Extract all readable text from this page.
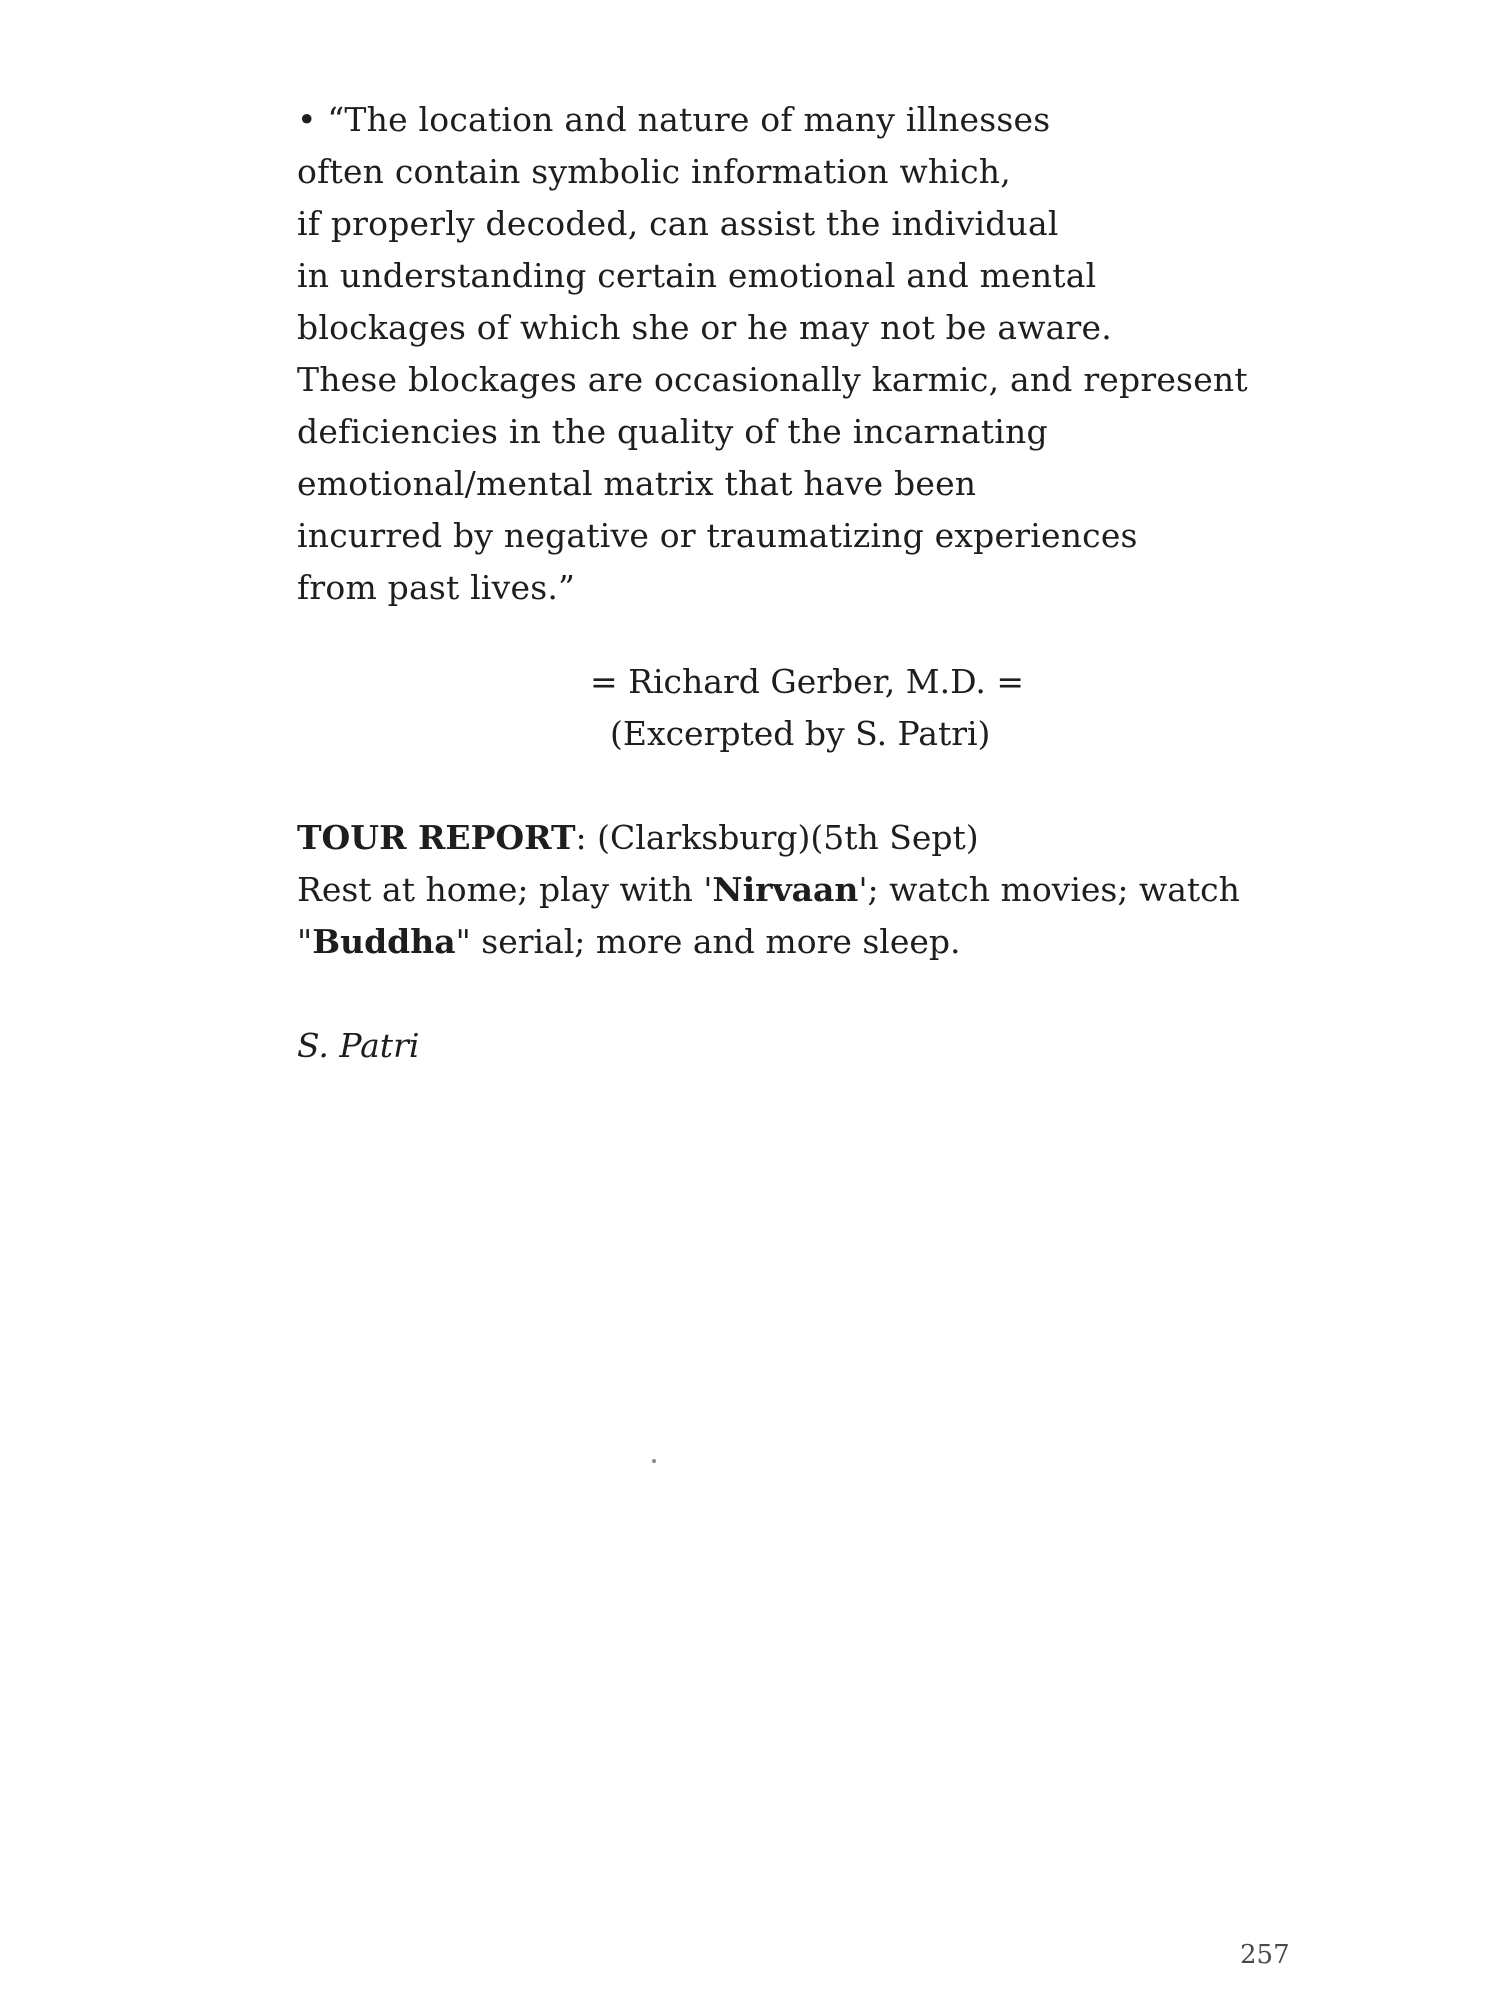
• “The location and nature of many illnesses
often contain symbolic information which,
if properly decoded, can assist the individual
in understanding certain emotional and mental
blockages of which she or he may not be aware.
These blockages are occasionally karmic, and represent
deficiencies in the quality of the incarnating
emotional/mental matrix that have been
incurred by negative or traumatizing experiences
from past lives.”
= Richard Gerber, M.D. =
(Excerpted by S. Patri)
TOUR REPORT: (Clarksburg)(5th Sept)
Rest at home; play with 'Nirvaan'; watch movies; watch
"Buddha" serial; more and more sleep.
S. Patri
257
